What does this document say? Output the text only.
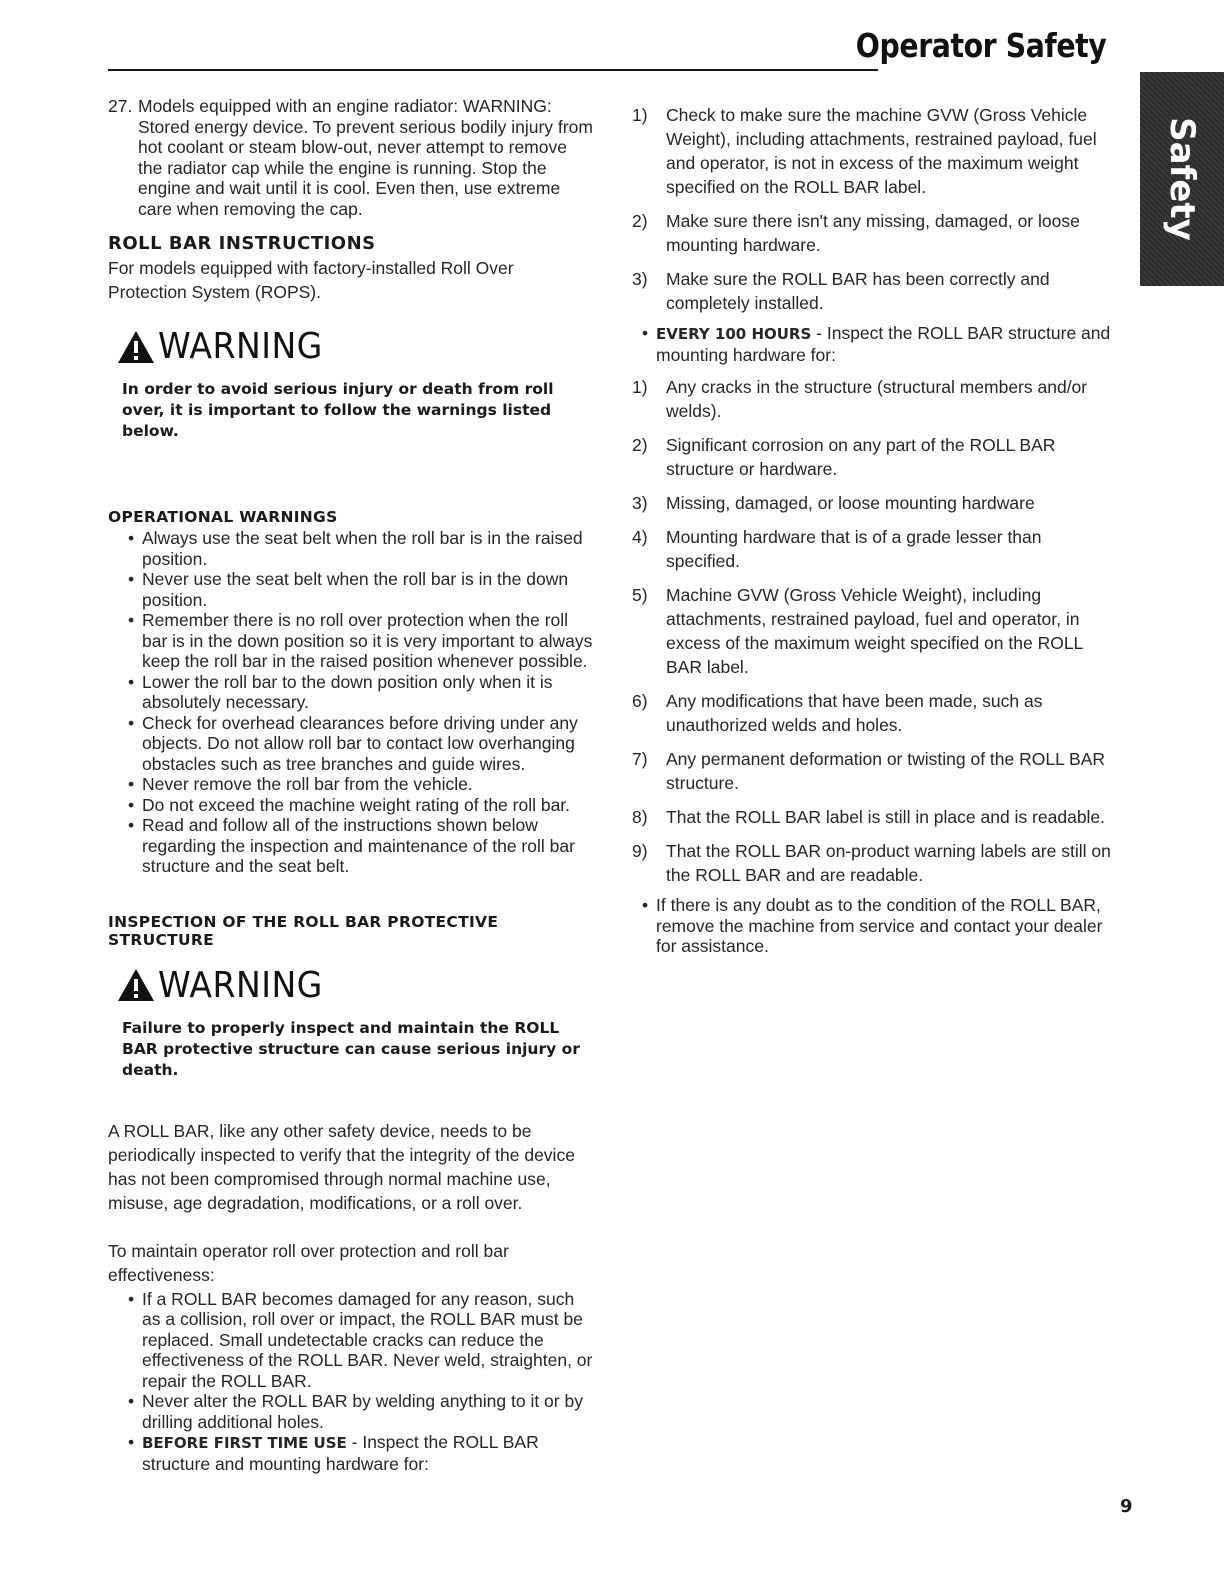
Operator Safety
Safety
27. Models equipped with an engine radiator: WARNING: Stored energy device. To prevent serious bodily injury from hot coolant or steam blow-out, never attempt to remove the radiator cap while the engine is running. Stop the engine and wait until it is cool. Even then, use extreme care when removing the cap.
ROLL BAR INSTRUCTIONS

For models equipped with factory-installed Roll Over Protection System (ROPS).

WARNING
In order to avoid serious injury or death from roll over, it is important to follow the warnings listed below.
OPERATIONAL WARNINGS
• Always use the seat belt when the roll bar is in the raised position.
• Never use the seat belt when the roll bar is in the down position.
• Remember there is no roll over protection when the roll bar is in the down position so it is very important to always keep the roll bar in the raised position whenever possible.
• Lower the roll bar to the down position only when it is absolutely necessary.
• Check for overhead clearances before driving under any objects. Do not allow roll bar to contact low overhanging obstacles such as tree branches and guide wires.
• Never remove the roll bar from the vehicle.
• Do not exceed the machine weight rating of the roll bar.
• Read and follow all of the instructions shown below regarding the inspection and maintenance of the roll bar structure and the seat belt.
INSPECTION OF THE ROLL BAR PROTECTIVE STRUCTURE
WARNING
Failure to properly inspect and maintain the ROLL BAR protective structure can cause serious injury or death.

A ROLL BAR, like any other safety device, needs to be periodically inspected to verify that the integrity of the device has not been compromised through normal machine use, misuse, age degradation, modifications, or a roll over.

To maintain operator roll over protection and roll bar effectiveness:

• If a ROLL BAR becomes damaged for any reason, such as a collision, roll over or impact, the ROLL BAR must be replaced. Small undetectable cracks can reduce the effectiveness of the ROLL BAR. Never weld, straighten, or repair the ROLL BAR.
• Never alter the ROLL BAR by welding anything to it or by drilling additional holes.
• BEFORE FIRST TIME USE - Inspect the ROLL BAR structure and mounting hardware for:
1)	Check to make sure the machine GVW (Gross Vehicle Weight), including attachments, restrained payload, fuel and operator, is not in excess of the maximum weight specified on the ROLL BAR label.
2)	Make sure there isn't any missing, damaged, or loose mounting hardware.
3)	Make sure the ROLL BAR has been correctly and completely installed.
• EVERY 100 HOURS - Inspect the ROLL BAR structure and mounting hardware for:
1)	Any cracks in the structure (structural members and/or welds).
2)	Significant corrosion on any part of the ROLL BAR structure or hardware.
3)	Missing, damaged, or loose mounting hardware
4)	Mounting hardware that is of a grade lesser than specified.
5)	Machine GVW (Gross Vehicle Weight), including attachments, restrained payload, fuel and operator, in excess of the maximum weight specified on the ROLL BAR label.
6)	Any modifications that have been made, such as unauthorized welds and holes.
7)	Any permanent deformation or twisting of the ROLL BAR structure.
8)	That the ROLL BAR label is still in place and is readable.
9)	That the ROLL BAR on-product warning labels are still on the ROLL BAR and are readable.
• If there is any doubt as to the condition of the ROLL BAR, remove the machine from service and contact your dealer for assistance.
9
